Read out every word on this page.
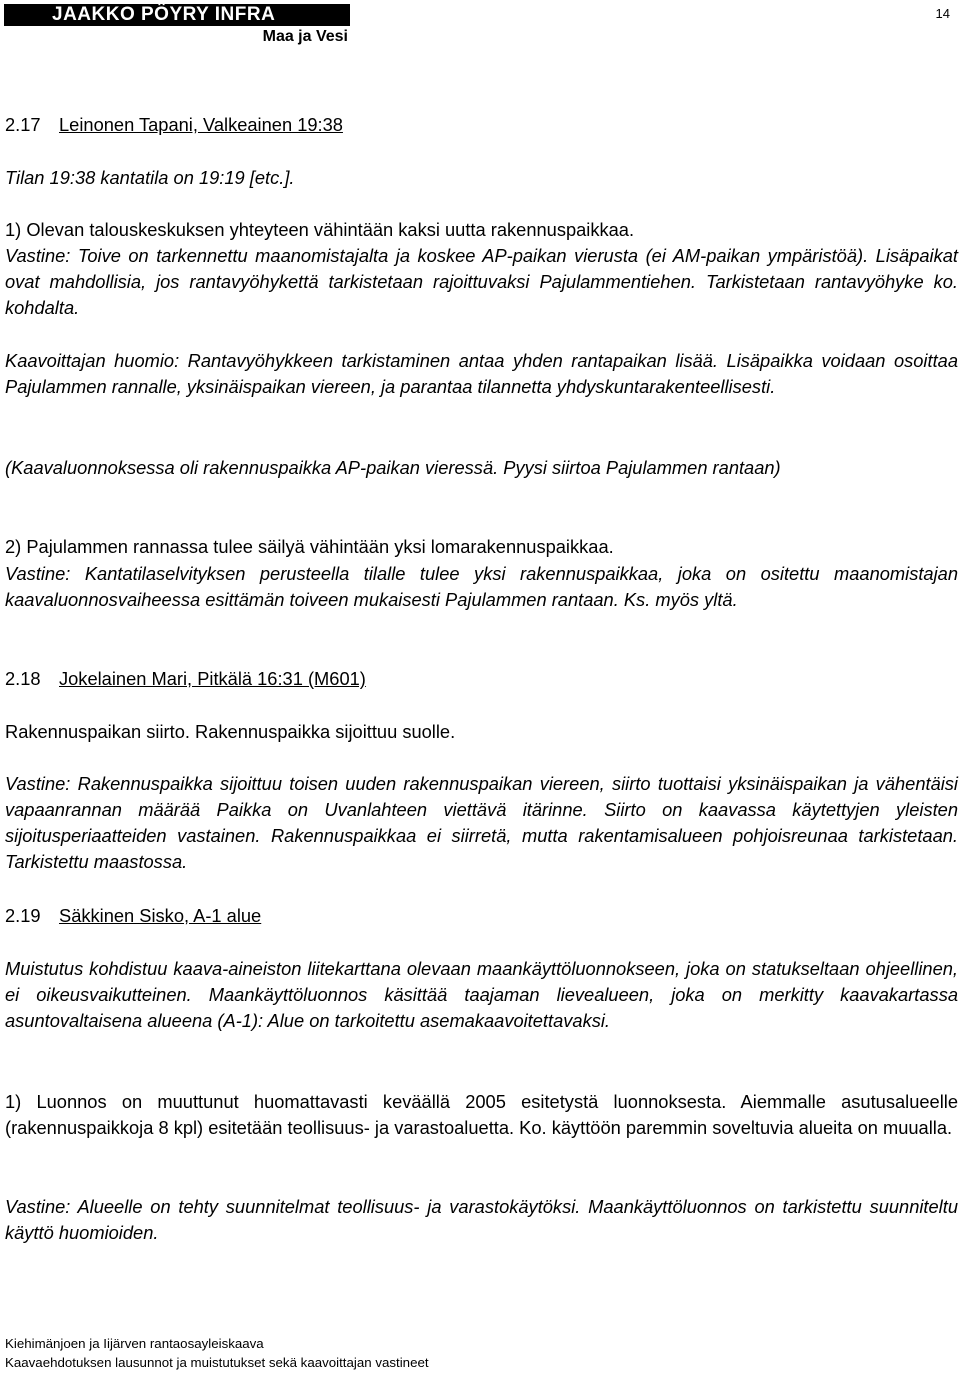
JAAKKO PÖYRY INFRA
Maa ja Vesi
14
2.17 Leinonen Tapani, Valkeainen 19:38
Tilan 19:38 kantatila on 19:19 [etc.].
1) Olevan talouskeskuksen yhteyteen vähintään kaksi uutta rakennuspaikkaa.
Vastine: Toive on tarkennettu maanomistajalta ja koskee AP-paikan vierusta (ei AM-paikan ympäristöä). Lisäpaikat ovat mahdollisia, jos rantavyöhykettä tarkistetaan rajoittuvaksi Pajulammentiehen. Tarkistetaan rantavyöhyke ko. kohdalta.
Kaavoittajan huomio: Rantavyöhykkeen tarkistaminen antaa yhden rantapaikan lisää. Lisäpaikka voidaan osoittaa Pajulammen rannalle, yksinäispaikan viereen, ja parantaa tilannetta yhdyskuntarakenteellisesti.
(Kaavaluonnoksessa oli rakennuspaikka AP-paikan vieressä. Pyysi siirtoa Pajulammen rantaan)
2) Pajulammen rannassa tulee säilyä vähintään yksi lomarakennuspaikkaa.
Vastine: Kantatilaselvityksen perusteella tilalle tulee yksi rakennuspaikkaa, joka on ositettu maanomistajan kaavaluonnosvaiheessa esittämän toiveen mukaisesti Pajulammen rantaan. Ks. myös yltä.
2.18 Jokelainen Mari, Pitkälä 16:31 (M601)
Rakennuspaikan siirto. Rakennuspaikka sijoittuu suolle.
Vastine: Rakennuspaikka sijoittuu toisen uuden rakennuspaikan viereen, siirto tuottaisi yksinäispaikan ja vähentäisi vapaanrannan määrää Paikka on Uvanlahteen viettävä itärinne. Siirto on kaavassa käytettyjen yleisten sijoitusperiaatteiden vastainen. Rakennuspaikkaa ei siirretä, mutta rakentamisalueen pohjoisreunaa tarkistetaan. Tarkistettu maastossa.
2.19 Säkkinen Sisko, A-1 alue
Muistutus kohdistuu kaava-aineiston liitekarttana olevaan maankäyttöluonnokseen, joka on statukseltaan ohjeellinen, ei oikeusvaikutteinen. Maankäyttöluonnos käsittää taajaman lievealueen, joka on merkitty kaavakartassa asuntovaltaisena alueena (A-1): Alue on tarkoitettu asemakaavoitettavaksi.
1) Luonnos on muuttunut huomattavasti keväällä 2005 esitetystä luonnoksesta. Aiemmalle asutusalueelle (rakennuspaikkoja 8 kpl) esitetään teollisuus- ja varastoaluetta. Ko. käyttöön paremmin soveltuvia alueita on muualla.
Vastine: Alueelle on tehty suunnitelmat teollisuus- ja varastokäytöksi. Maankäyttöluonnos on tarkistettu suunniteltu käyttö huomioiden.
Kiehimänjoen ja Iijärven rantaosayleiskaava
Kaavaehdotuksen lausunnot ja muistutukset sekä kaavoittajan vastineet
